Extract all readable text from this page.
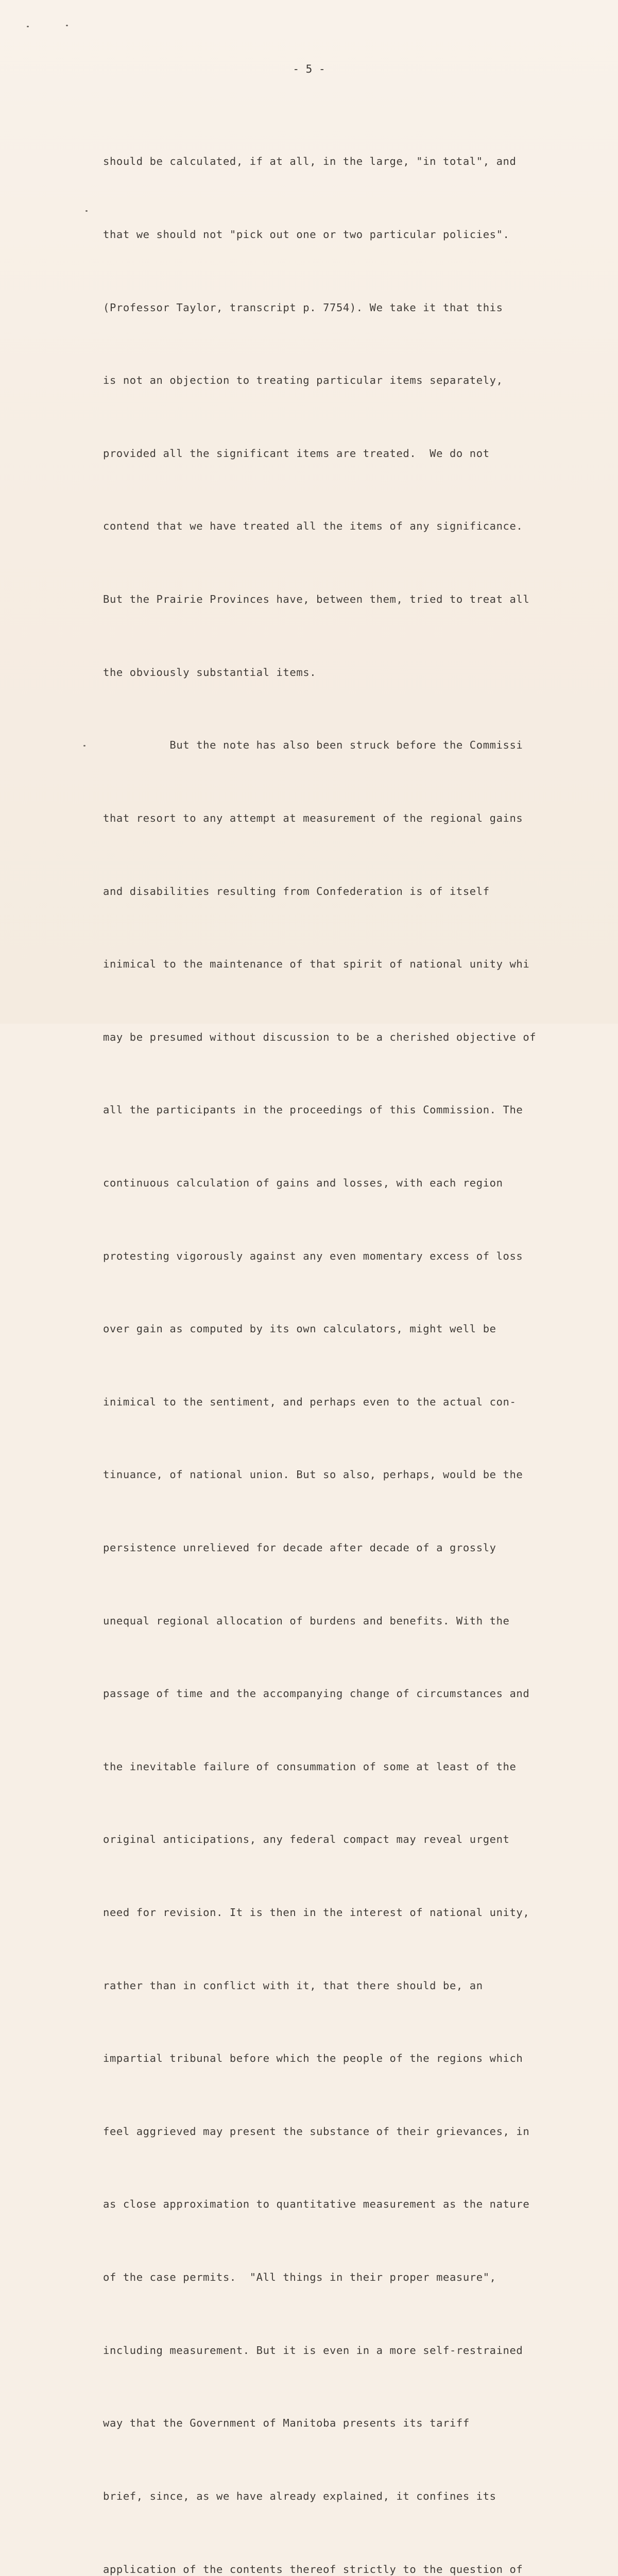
- 5 -

should be calculated, if at all, in the large, "in total", and

that we should not "pick out one or two particular policies".

(Professor Taylor, transcript p. 7754). We take it that this

is not an objection to treating particular items separately,

provided all the significant items are treated.  We do not

contend that we have treated all the items of any significance.

But the Prairie Provinces have, between them, tried to treat all

the obviously substantial items.

But the note has also been struck before the Commissi

that resort to any attempt at measurement of the regional gains

and disabilities resulting from Confederation is of itself

inimical to the maintenance of that spirit of national unity whi

may be presumed without discussion to be a cherished objective of

all the participants in the proceedings of this Commission. The

continuous calculation of gains and losses, with each region

protesting vigorously against any even momentary excess of loss

over gain as computed by its own calculators, might well be

inimical to the sentiment, and perhaps even to the actual con-

tinuance, of national union. But so also, perhaps, would be the

persistence unrelieved for decade after decade of a grossly

unequal regional allocation of burdens and benefits. With the

passage of time and the accompanying change of circumstances and

the inevitable failure of consummation of some at least of the

original anticipations, any federal compact may reveal urgent

need for revision. It is then in the interest of national unity,

rather than in conflict with it, that there should be, an

impartial tribunal before which the people of the regions which

feel aggrieved may present the substance of their grievances, in

as close approximation to quantitative measurement as the nature

of the case permits.  "All things in their proper measure",

including measurement. But it is even in a more self-restrained

way that the Government of Manitoba presents its tariff

brief, since, as we have already explained, it confines its

application of the contents thereof strictly to the question of
